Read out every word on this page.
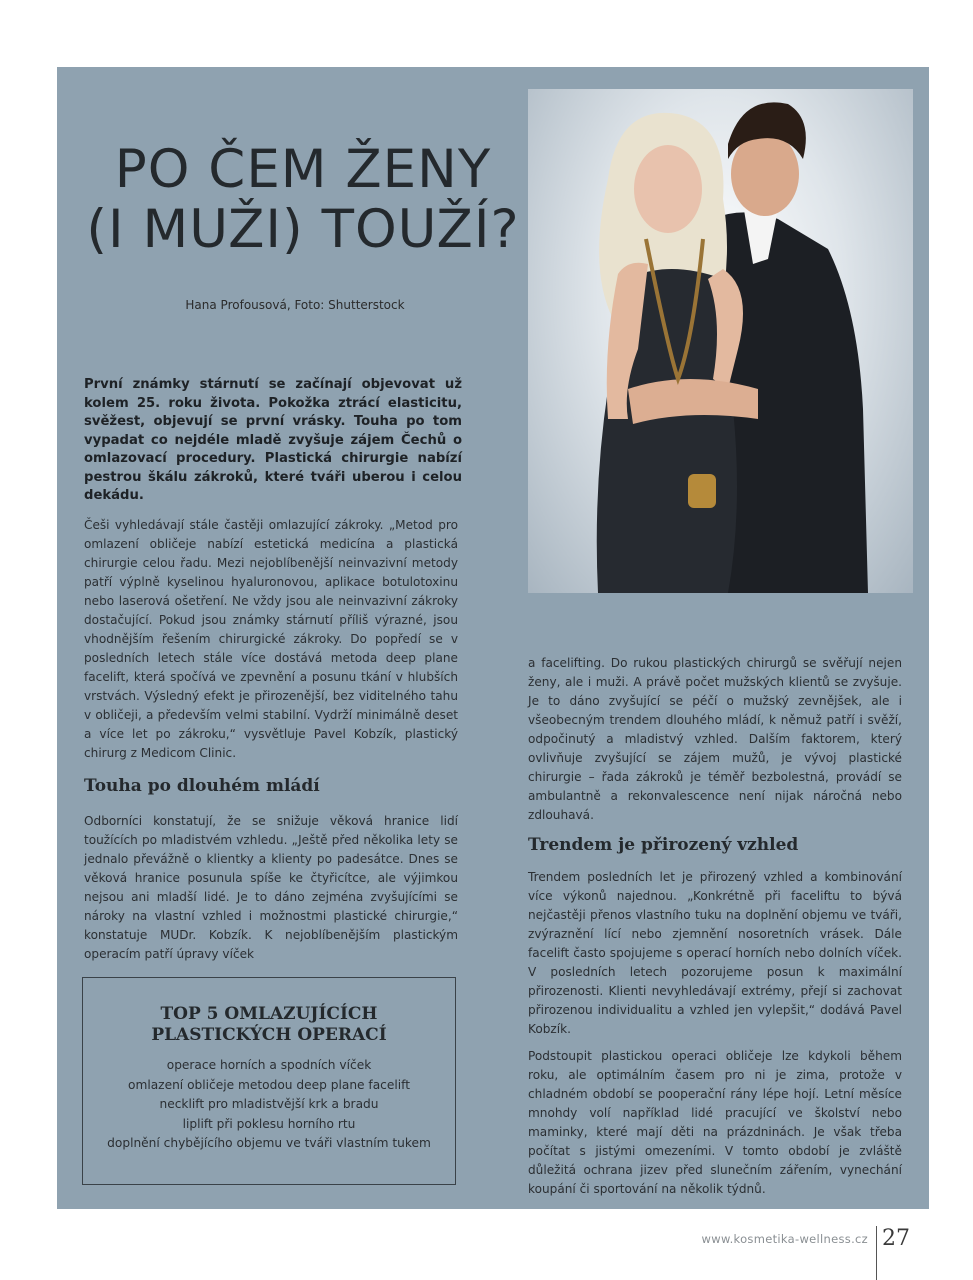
PO ČEM ŽENY
(I MUŽI) TOUŽÍ?
Hana Profousová, Foto: Shutterstock

První známky stárnutí se začínají objevovat už kolem 25. roku života. Pokožka ztrácí elasticitu, svěžest, objevují se první vrásky. Touha po tom vypadat co nejdéle mladě zvyšuje zájem Čechů o omlazovací procedury. Plastická chirurgie nabízí pestrou škálu zákroků, které tváři uberou i celou dekádu.

Češi vyhledávají stále častěji omlazující zákroky. „Metod pro omlazení obličeje nabízí estetická medicína a plastická chirurgie celou řadu. Mezi nejoblíbenější neinvazivní metody patří výplně kyselinou hyaluronovou, aplikace botulotoxinu nebo laserová ošetření. Ne vždy jsou ale neinvazivní zákroky dostačující. Pokud jsou známky stárnutí příliš výrazné, jsou vhodnějším řešením chirurgické zákroky. Do popředí se v posledních letech stále více dostává metoda deep plane facelift, která spočívá ve zpevnění a posunu tkání v hlubších vrstvách. Výsledný efekt je přirozenější, bez viditelného tahu v obličeji, a především velmi stabilní. Vydrží minimálně deset a více let po zákroku,“ vysvětluje Pavel Kobzík, plastický chirurg z Medicom Clinic.

Touha po dlouhém mládí

Odborníci konstatují, že se snižuje věková hranice lidí toužících po mladistvém vzhledu. „Ještě před několika lety se jednalo převážně o klientky a klienty po padesátce. Dnes se věková hranice posunula spíše ke čtyřicítce, ale výjimkou nejsou ani mladší lidé. Je to dáno zejména zvyšujícími se nároky na vlastní vzhled i možnostmi plastické chirurgie,“ konstatuje MUDr. Kobzík. K nejoblíbenějším plastickým operacím patří úpravy víček

a facelifting. Do rukou plastických chirurgů se svěřují nejen ženy, ale i muži. A právě počet mužských klientů se zvyšuje. Je to dáno zvyšující se péčí o mužský zevnějšek, ale i všeobecným trendem dlouhého mládí, k němuž patří i svěží, odpočinutý a mladistvý vzhled. Dalším faktorem, který ovlivňuje zvyšující se zájem mužů, je vývoj plastické chirurgie – řada zákroků je téměř bezbolestná, provádí se ambulantně a rekonvalescence není nijak náročná nebo zdlouhavá.

Trendem je přirozený vzhled

Trendem posledních let je přirozený vzhled a kombinování více výkonů najednou. „Konkrétně při faceliftu to bývá nejčastěji přenos vlastního tuku na doplnění objemu ve tváři, zvýraznění lící nebo zjemnění nosoretních vrásek. Dále facelift často spojujeme s operací horních nebo dolních víček. V posledních letech pozorujeme posun k maximální přirozenosti. Klienti nevyhledávají extrémy, přejí si zachovat přirozenou individualitu a vzhled jen vylepšit,“ dodává Pavel Kobzík.

Podstoupit plastickou operaci obličeje lze kdykoli během roku, ale optimálním časem pro ni je zima, protože v chladném období se pooperační rány lépe hojí. Letní měsíce mnohdy volí například lidé pracující ve školství nebo maminky, které mají děti na prázdninách. Je však třeba počítat s jistými omezeními. V tomto období je zvláště důležitá ochrana jizev před slunečním zářením, vynechání koupání či sportování na několik týdnů.

TOP 5 OMLAZUJÍCÍCH
PLASTICKÝCH OPERACÍ
operace horních a spodních víček
omlazení obličeje metodou deep plane facelift
necklift pro mladistvější krk a bradu
liplift při poklesu horního rtu
doplnění chybějícího objemu ve tváři vlastním tukem
www.kosmetika-wellness.cz 27
